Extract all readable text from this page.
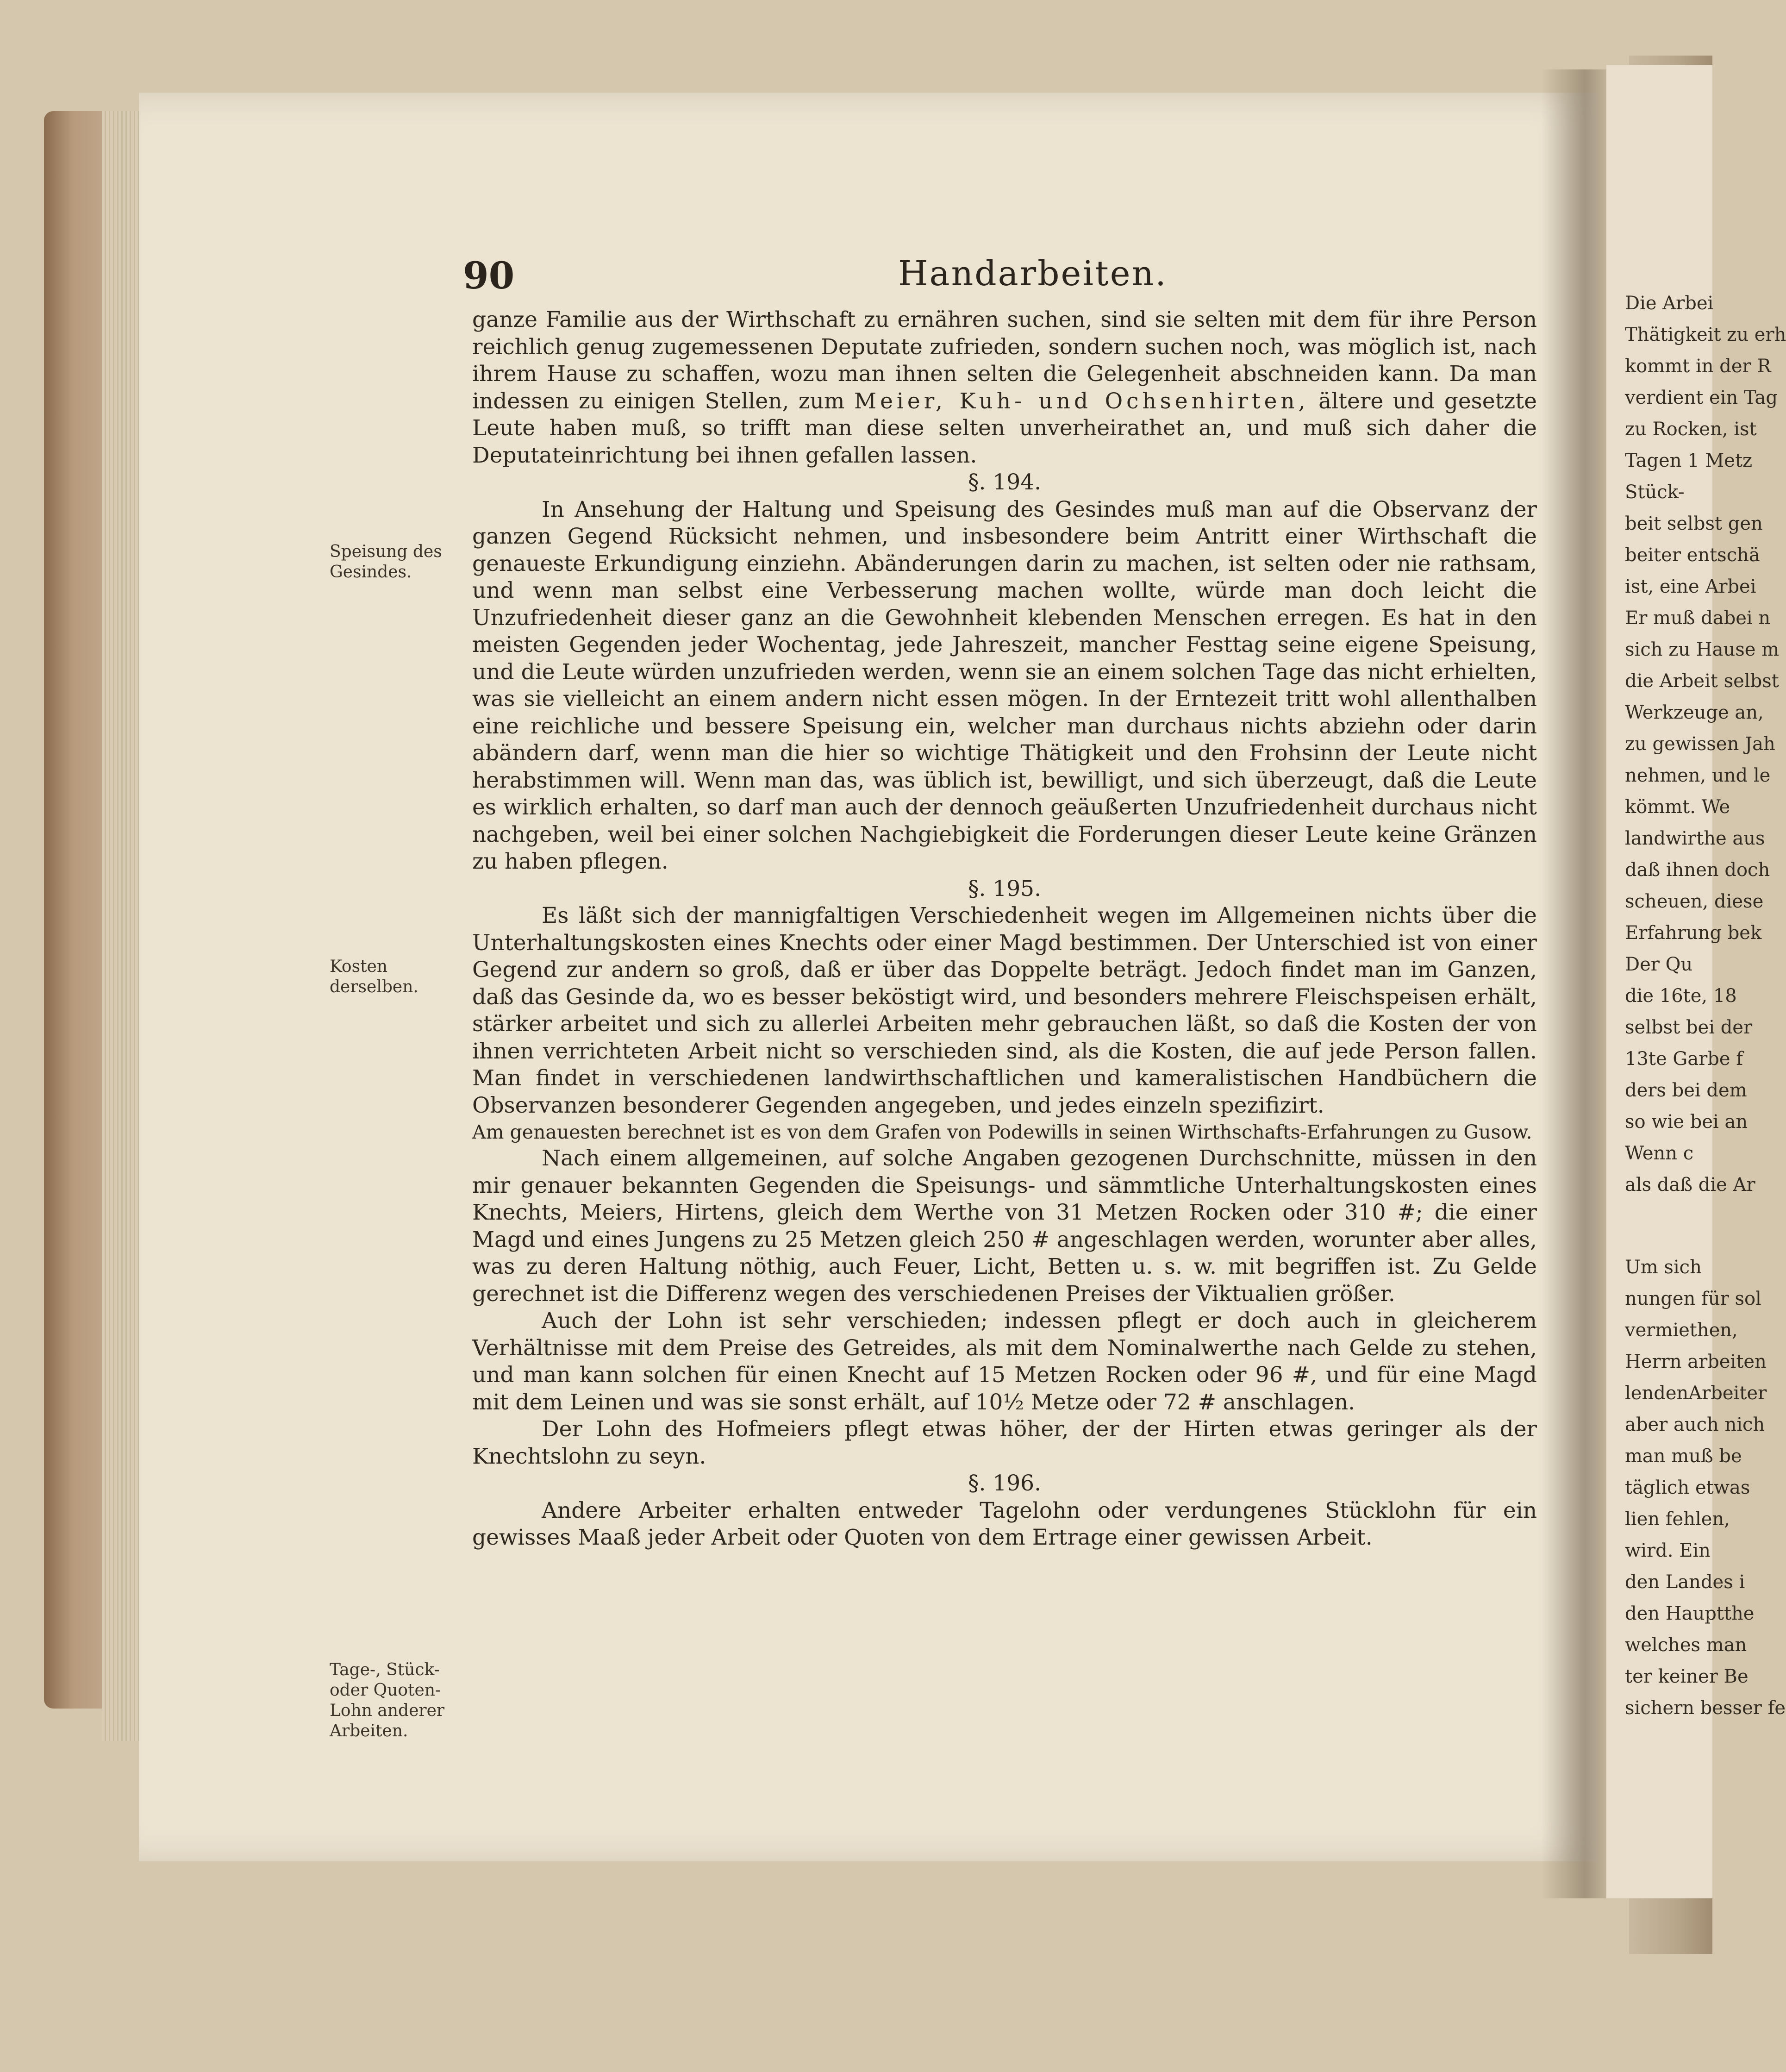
Die Arbei
Thätigkeit zu erh
kommt in der R
verdient ein Tag
zu Rocken, ist
Tagen 1 Metz
Stück-
beit selbst gen
beiter entschä
ist, eine Arbei
Er muß dabei n
sich zu Hause m
die Arbeit selbst
Werkzeuge an,
zu gewissen Jah
nehmen, und le
kömmt. We
landwirthe aus
daß ihnen doch
scheuen, diese
Erfahrung bek
Der Qu
die 16te, 18
selbst bei der
13te Garbe f
ders bei dem
so wie bei an
Wenn c
als daß die Ar
Um sich
nungen für sol
vermiethen,
Herrn arbeiten
lendenArbeiter
aber auch nich
man muß be
täglich etwas
lien fehlen,
wird. Ein
den Landes i
den Hauptthe
welches man
ter keiner Be
sichern besser fe
90	Handarbeiten.
Speisung des Gesindes.
Kosten derselben.
Tage-, Stück- oder Quoten-Lohn anderer Arbeiten.

ganze Familie aus der Wirthschaft zu ernähren suchen, sind sie selten mit dem für ihre Person reichlich genug zugemessenen Deputate zufrieden, sondern suchen noch, was möglich ist, nach ihrem Hause zu schaffen, wozu man ihnen selten die Gelegenheit abschneiden kann. Da man indessen zu einigen Stellen, zum Meier, Kuh- und Ochsenhirten, ältere und gesetzte Leute haben muß, so trifft man diese selten unverheirathet an, und muß sich daher die Deputateinrichtung bei ihnen gefallen lassen.

§. 194.

In Ansehung der Haltung und Speisung des Gesindes muß man auf die Observanz der ganzen Gegend Rücksicht nehmen, und insbesondere beim Antritt einer Wirthschaft die genaueste Erkundigung einziehn. Abänderungen darin zu machen, ist selten oder nie rathsam, und wenn man selbst eine Verbesserung machen wollte, würde man doch leicht die Unzufriedenheit dieser ganz an die Gewohnheit klebenden Menschen erregen. Es hat in den meisten Gegenden jeder Wochentag, jede Jahreszeit, mancher Festtag seine eigene Speisung, und die Leute würden unzufrieden werden, wenn sie an einem solchen Tage das nicht erhielten, was sie vielleicht an einem andern nicht essen mögen. In der Erntezeit tritt wohl allenthalben eine reichliche und bessere Speisung ein, welcher man durchaus nichts abziehn oder darin abändern darf, wenn man die hier so wichtige Thätigkeit und den Frohsinn der Leute nicht herabstimmen will. Wenn man das, was üblich ist, bewilligt, und sich überzeugt, daß die Leute es wirklich erhalten, so darf man auch der dennoch geäußerten Unzufriedenheit durchaus nicht nachgeben, weil bei einer solchen Nachgiebigkeit die Forderungen dieser Leute keine Gränzen zu haben pflegen.

§. 195.

Es läßt sich der mannigfaltigen Verschiedenheit wegen im Allgemeinen nichts über die Unterhaltungskosten eines Knechts oder einer Magd bestimmen. Der Unterschied ist von einer Gegend zur andern so groß, daß er über das Doppelte beträgt. Jedoch findet man im Ganzen, daß das Gesinde da, wo es besser beköstigt wird, und besonders mehrere Fleischspeisen erhält, stärker arbeitet und sich zu allerlei Arbeiten mehr gebrauchen läßt, so daß die Kosten der von ihnen verrichteten Arbeit nicht so verschieden sind, als die Kosten, die auf jede Person fallen. Man findet in verschiedenen landwirthschaftlichen und kameralistischen Handbüchern die Observanzen besonderer Gegenden angegeben, und jedes einzeln spezifizirt.

Am genauesten berechnet ist es von dem Grafen von Podewills in seinen Wirthschafts-Erfahrungen zu Gusow.

Nach einem allgemeinen, auf solche Angaben gezogenen Durchschnitte, müssen in den mir genauer bekannten Gegenden die Speisungs- und sämmtliche Unterhaltungskosten eines Knechts, Meiers, Hirtens, gleich dem Werthe von 31 Metzen Rocken oder 310 #; die einer Magd und eines Jungens zu 25 Metzen gleich 250 # angeschlagen werden, worunter aber alles, was zu deren Haltung nöthig, auch Feuer, Licht, Betten u. s. w. mit begriffen ist. Zu Gelde gerechnet ist die Differenz wegen des verschiedenen Preises der Viktualien größer.

Auch der Lohn ist sehr verschieden; indessen pflegt er doch auch in gleicherem Verhältnisse mit dem Preise des Getreides, als mit dem Nominalwerthe nach Gelde zu stehen, und man kann solchen für einen Knecht auf 15 Metzen Rocken oder 96 #, und für eine Magd mit dem Leinen und was sie sonst erhält, auf 10½ Metze oder 72 # anschlagen.

Der Lohn des Hofmeiers pflegt etwas höher, der der Hirten etwas geringer als der Knechtslohn zu seyn.

§. 196.

Andere Arbeiter erhalten entweder Tagelohn oder verdungenes Stücklohn für ein gewisses Maaß jeder Arbeit oder Quoten von dem Ertrage einer gewissen Arbeit.
